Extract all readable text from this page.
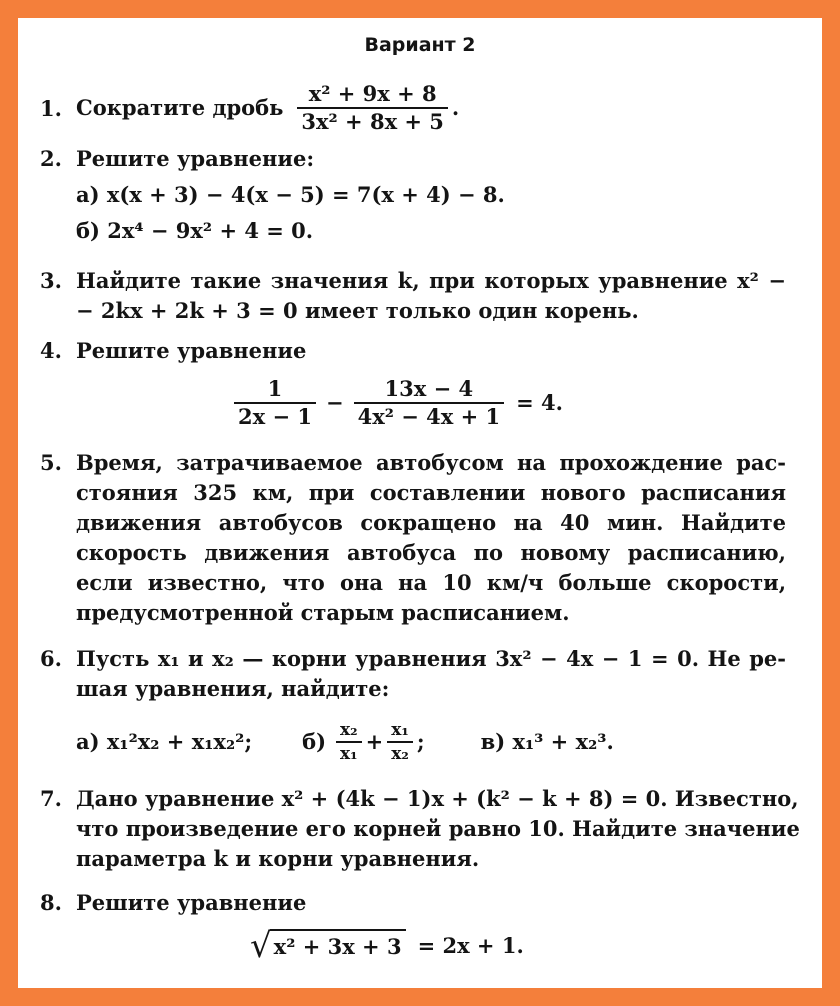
Вариант 2
1. Сократите дробь $\frac{\text{x² + 9x + 8}}{\text{3x² + 8x + 5}}$ .
2. Решите уравнение:
а) x(x + 3) − 4(x − 5) = 7(x + 4) − 8.
б) 2x⁴ − 9x² + 4 = 0.
3. Найдите такие значения k, при которых уравнение x² −
− 2kx + 2k + 3 = 0 имеет только один корень.
4. Решите уравнение
$\frac{1}{2x - 1} - \frac{13x - 4}{\text{4x² − 4x + 1}} = 4$.
5. Время, затрачиваемое автобусом на прохождение рас-
стояния 325 км, при составлении нового расписания
движения автобусов сокращено на 40 мин. Найдите
скорость движения автобуса по новому расписанию,
если известно, что она на 10 км/ч больше скорости,
предусмотренной старым расписанием.
6. Пусть x₁ и x₂ — корни уравнения 3x² − 4x − 1 = 0. Не ре-
шая уравнения, найдите:
а) x₁²x₂ + x₁x₂²; $б) \frac{\text{x₂}}{\text{x₁}} + \frac{\text{x₁}}{\text{x₂}}$ ;	в) x₁³ + x₂³.
7. Дано уравнение x² + (4k − 1)x + (k² − k + 8) = 0. Известно,
что произведение его корней равно 10. Найдите значение
параметра k и корни уравнения.
8. Решите уравнение
√ x² + 3x + 3 = 2x + 1.
